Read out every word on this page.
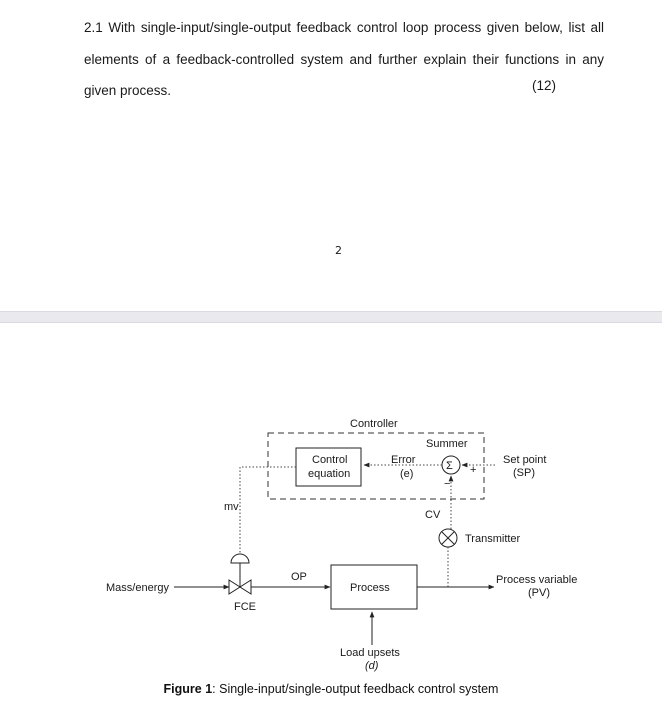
2.1 With single-input/single-output feedback control loop process given below, list all elements of a feedback-controlled system and further explain their functions in any given process.	(12)
2
Controller
Control
equation
Error
(e)
Summer
Σ +
−
Set point
(SP)
CV
Transmitter
mv
FCE
Mass/energy
OP
Process
Process variable
(PV)
Load upsets
(d)
Figure 1: Single-input/single-output feedback control system
